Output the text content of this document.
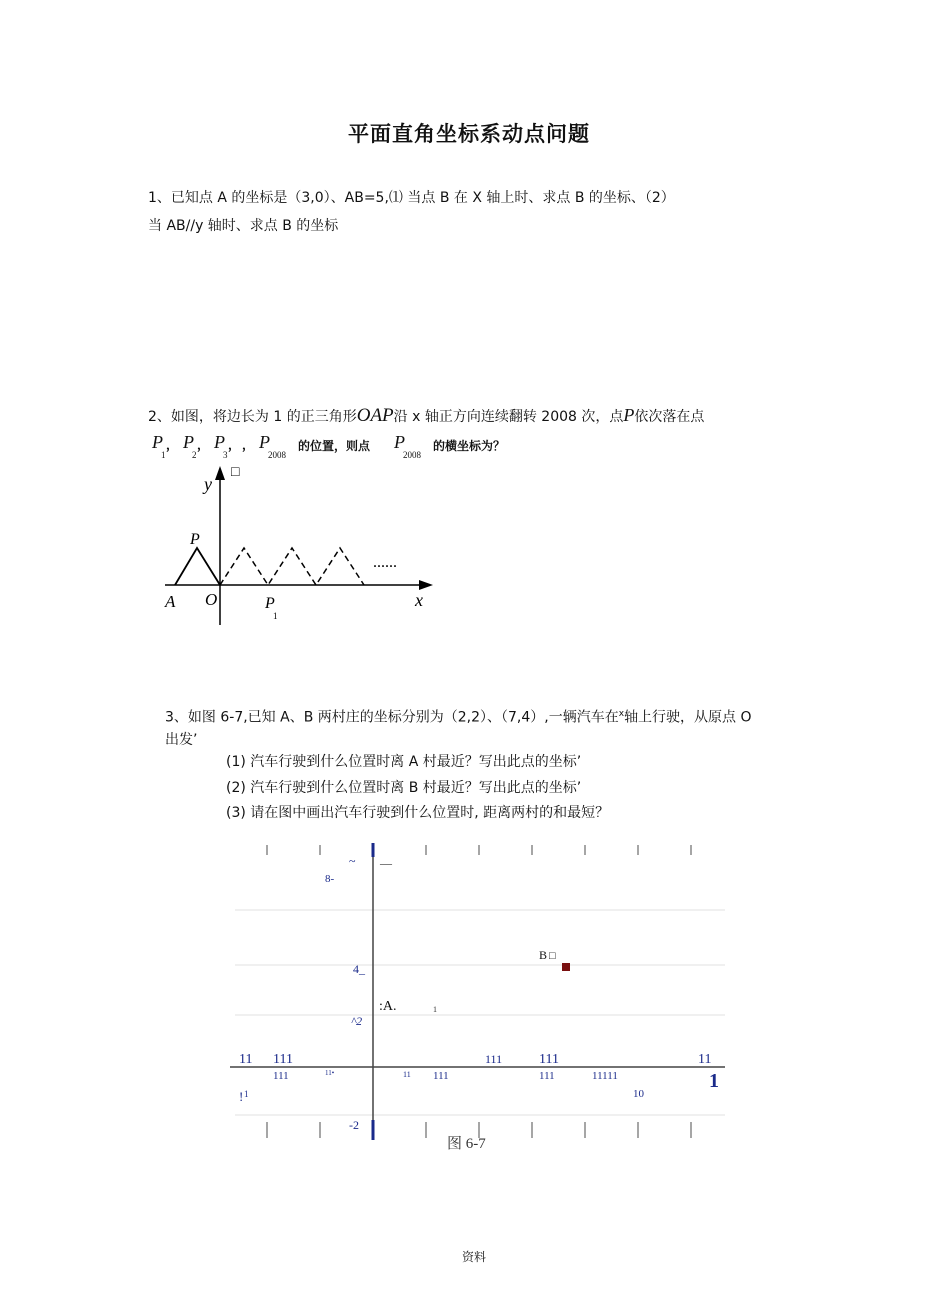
平面直角坐标系动点问题
1、已知点 A 的坐标是（3,0）、AB=5,⑴ 当点 B 在 X 轴上时、求点 B 的坐标、（2）
当 AB//y 轴时、求点 B 的坐标
2、如图，将边长为 1 的正三角形OAP沿 x 轴正方向连续翻转 2008 次，点P依次落在点
P
1
， P
2
， P
3
， ， P
2008
的位置，则点 P
2008
的横坐标为？
y
□
P
A O	P
1
x
······
3、如图 6-7,已知 A、B 两村庄的坐标分别为（2,2）、（7,4）,一辆汽车在$^x$轴上行驶，从原点 O
出发’
(1) 汽车行驶到什么位置时离 A 村最近？写出此点的坐标’
(2) 汽车行驶到什么位置时离 B 村最近？写出此点的坐标’
(3) 请在图中画出汽车行驶到什么位置时, 距离两村的和最短？
~ —
8-
4_
^2
-2
11 111	111	111	11
111	11•	11 111	111	11111
! 1	10
1
B □
:A.	1
图 6-7
资料
